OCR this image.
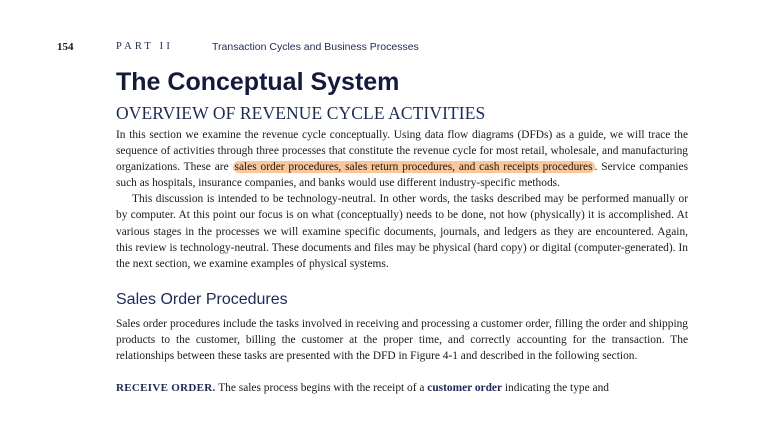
154	PART II	Transaction Cycles and Business Processes
The Conceptual System
OVERVIEW OF REVENUE CYCLE ACTIVITIES

In this section we examine the revenue cycle conceptually. Using data flow diagrams (DFDs) as a guide, we will trace the sequence of activities through three processes that constitute the revenue cycle for most retail, wholesale, and manufacturing organizations. These are sales order procedures, sales return procedures, and cash receipts procedures . Service companies such as hospitals, insurance companies, and banks would use different industry-specific methods.

This discussion is intended to be technology-neutral. In other words, the tasks described may be performed manually or by computer. At this point our focus is on what (conceptually) needs to be done, not how (physically) it is accomplished. At various stages in the processes we will examine specific documents, journals, and ledgers as they are encountered. Again, this review is technology-neutral. These documents and files may be physical (hard copy) or digital (computer-generated). In the next section, we examine examples of physical systems.

Sales Order Procedures

Sales order procedures include the tasks involved in receiving and processing a customer order, filling the order and shipping products to the customer, billing the customer at the proper time, and correctly accounting for the transaction. The relationships between these tasks are presented with the DFD in Figure 4-1 and described in the following section.

RECEIVE ORDER. The sales process begins with the receipt of a customer order indicating the type and
